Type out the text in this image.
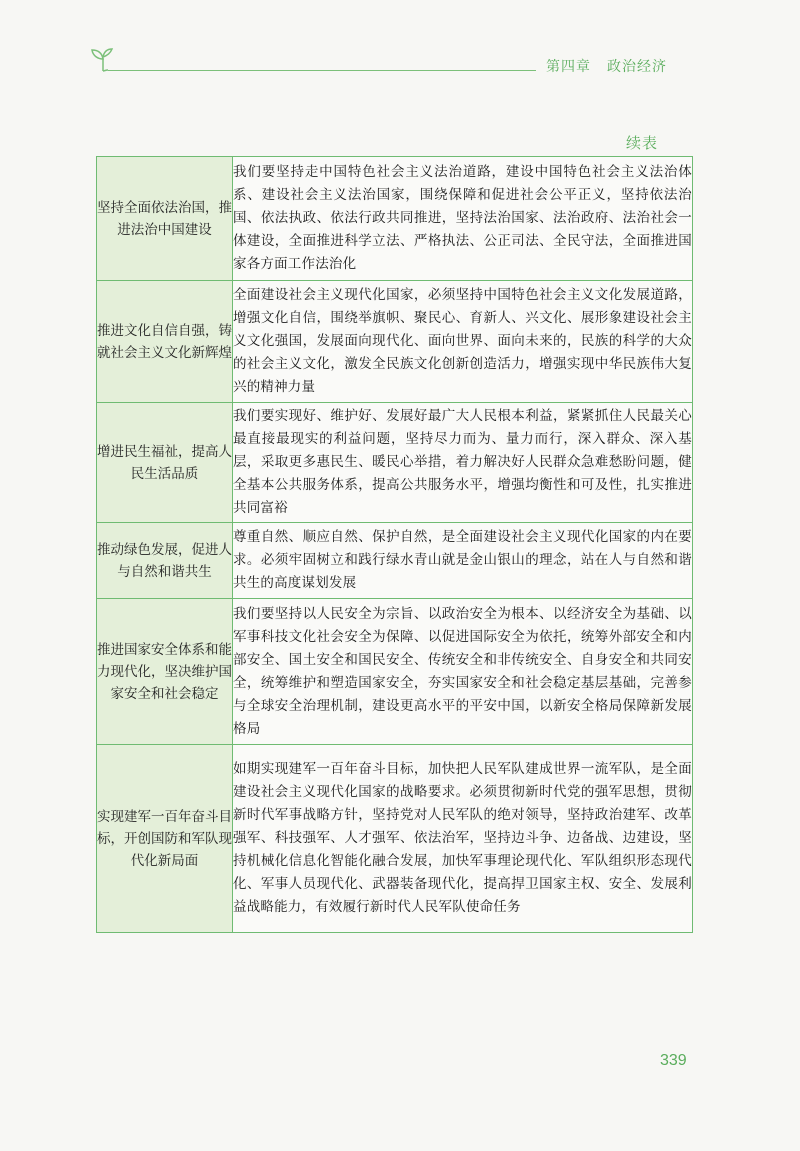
第四章 政治经济
续表
坚持全面依法治国，推进法治中国建设	我们要坚持走中国特色社会主义法治道路，建设中国特色社会主义法治体系、建设社会主义法治国家，围绕保障和促进社会公平正义，坚持依法治国、依法执政、依法行政共同推进，坚持法治国家、法治政府、法治社会一体建设，全面推进科学立法、严格执法、公正司法、全民守法，全面推进国家各方面工作法治化
推进文化自信自强，铸就社会主义文化新辉煌	全面建设社会主义现代化国家，必须坚持中国特色社会主义文化发展道路，增强文化自信，围绕举旗帜、聚民心、育新人、兴文化、展形象建设社会主义文化强国，发展面向现代化、面向世界、面向未来的，民族的科学的大众的社会主义文化，激发全民族文化创新创造活力，增强实现中华民族伟大复兴的精神力量
增进民生福祉，提高人民生活品质	我们要实现好、维护好、发展好最广大人民根本利益，紧紧抓住人民最关心最直接最现实的利益问题，坚持尽力而为、量力而行，深入群众、深入基层，采取更多惠民生、暖民心举措，着力解决好人民群众急难愁盼问题，健全基本公共服务体系，提高公共服务水平，增强均衡性和可及性，扎实推进共同富裕
推动绿色发展，促进人与自然和谐共生	尊重自然、顺应自然、保护自然，是全面建设社会主义现代化国家的内在要求。必须牢固树立和践行绿水青山就是金山银山的理念，站在人与自然和谐共生的高度谋划发展
推进国家安全体系和能力现代化，坚决维护国家安全和社会稳定	我们要坚持以人民安全为宗旨、以政治安全为根本、以经济安全为基础、以军事科技文化社会安全为保障、以促进国际安全为依托，统筹外部安全和内部安全、国土安全和国民安全、传统安全和非传统安全、自身安全和共同安全，统筹维护和塑造国家安全，夯实国家安全和社会稳定基层基础，完善参与全球安全治理机制，建设更高水平的平安中国，以新安全格局保障新发展格局
实现建军一百年奋斗目标，开创国防和军队现代化新局面	如期实现建军一百年奋斗目标，加快把人民军队建成世界一流军队，是全面建设社会主义现代化国家的战略要求。必须贯彻新时代党的强军思想，贯彻新时代军事战略方针，坚持党对人民军队的绝对领导，坚持政治建军、改革强军、科技强军、人才强军、依法治军，坚持边斗争、边备战、边建设，坚持机械化信息化智能化融合发展，加快军事理论现代化、军队组织形态现代化、军事人员现代化、武器装备现代化，提高捍卫国家主权、安全、发展利益战略能力，有效履行新时代人民军队使命任务
339
